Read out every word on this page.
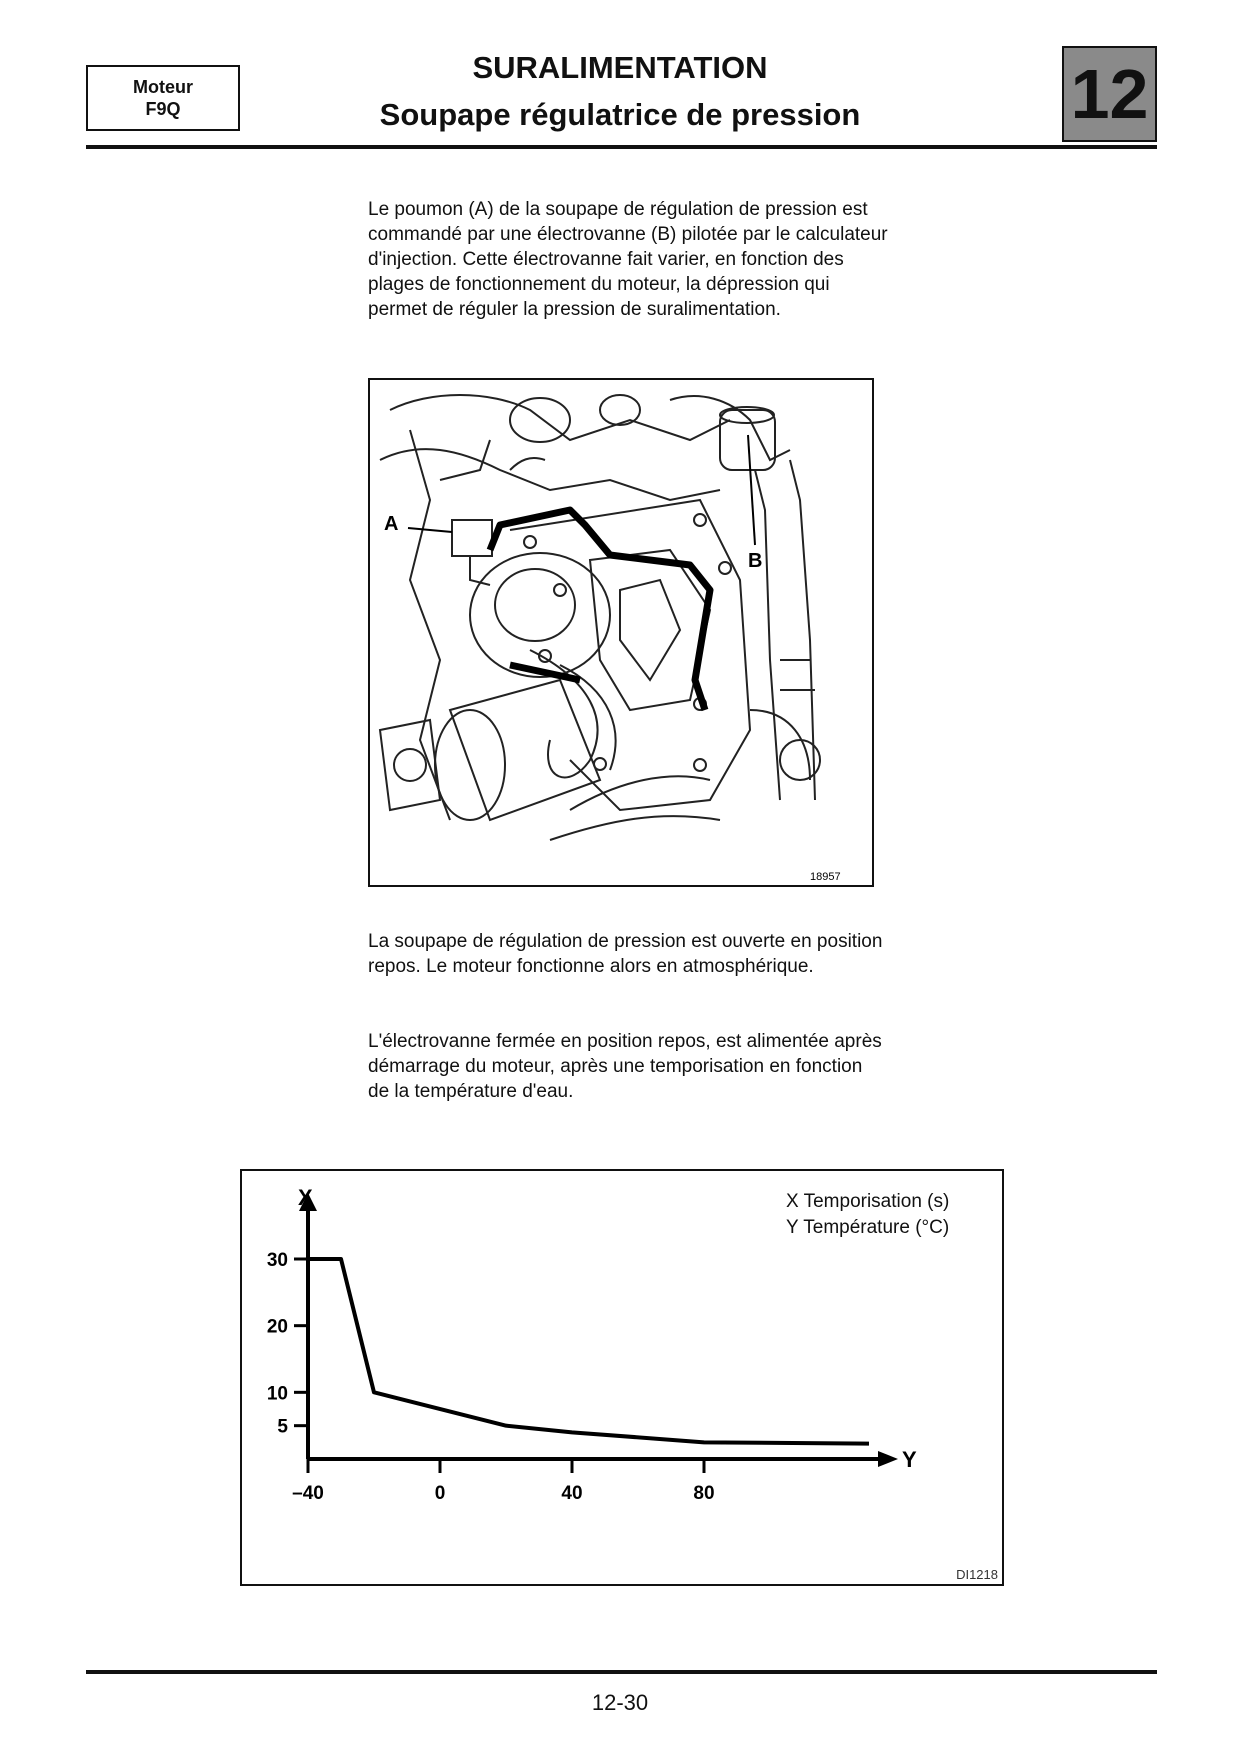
Moteur
F9Q
SURALIMENTATION
Soupape régulatrice de pression	12
Le poumon (A) de la soupape de régulation de pression est commandé par une électrovanne (B) pilotée par le calculateur d'injection. Cette électrovanne fait varier, en fonction des plages de fonctionnement du moteur, la dépression qui permet de réguler la pression de suralimentation.
A
B
18957
La soupape de régulation de pression est ouverte en position repos. Le moteur fonctionne alors en atmosphérique.
L'électrovanne fermée en position repos, est alimentée après démarrage du moteur, après une temporisation en fonction de la température d'eau.
X
Y
5
10
20
30
–40	0	40	80
X Temporisation (s)
Y Température (°C)
DI1218
12-30
